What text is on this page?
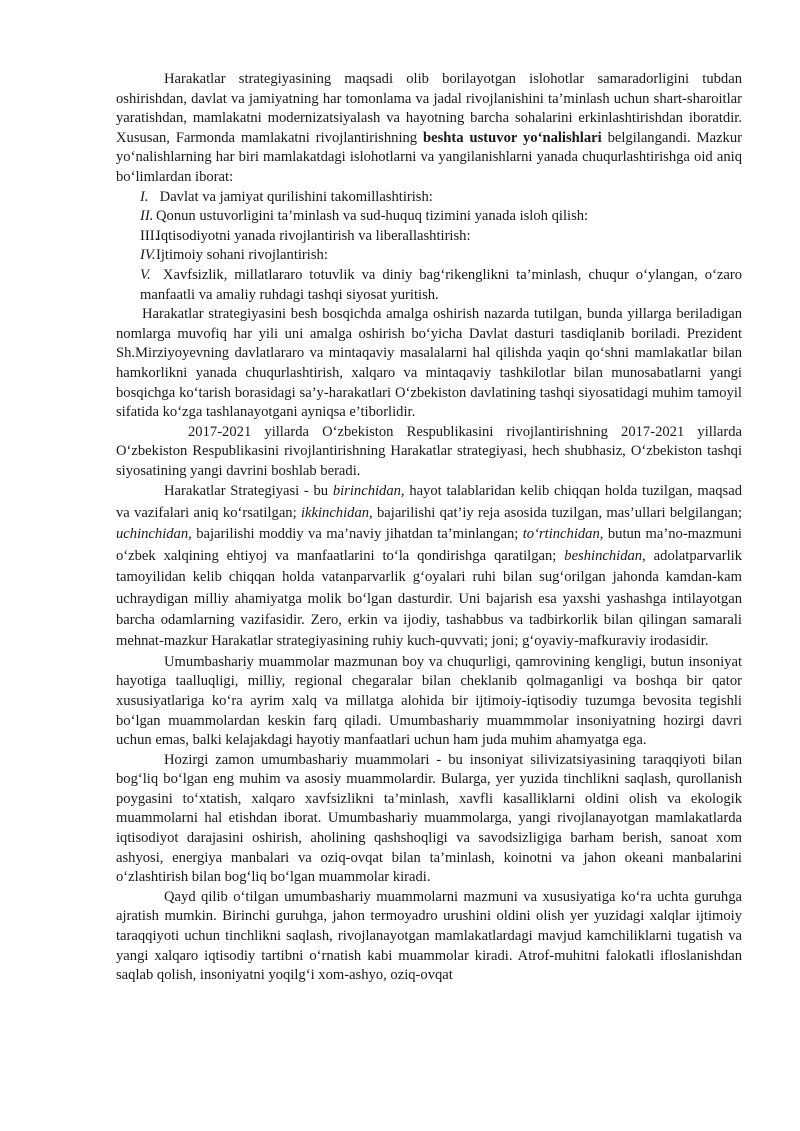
Harakatlar strategiyasining maqsadi olib borilayotgan islohotlar samaradorligini tubdan oshirishdan, davlat va jamiyatning har tomonlama va jadal rivojlanishini ta’minlash uchun shart-sharoitlar yaratishdan, mamlakatni modernizatsiyalash va hayotning barcha sohalarini erkinlashtirishdan iboratdir. Xususan, Farmonda mamlakatni rivojlantirishning beshta ustuvor yo‘nalishlari belgilangandi. Mazkur yo‘nalishlarning har biri mamlakatdagi islohotlarni va yangilanishlarni yanada chuqurlashtirishga oid aniq bo‘limlardan iborat:

I. Davlat va jamiyat qurilishini takomillashtirish:

II. Qonun ustuvorligini ta’minlash va sud-huquq tizimini yanada isloh qilish:

III.Iqtisodiyotni yanada rivojlantirish va liberallashtirish:

IV.Ijtimoiy sohani rivojlantirish:

V. Xavfsizlik, millatlararo totuvlik va diniy bag‘rikenglikni ta’minlash, chuqur o‘ylangan, o‘zaro manfaatli va amaliy ruhdagi tashqi siyosat yuritish.

Harakatlar strategiyasini besh bosqichda amalga oshirish nazarda tutilgan, bunda yillarga beriladigan nomlarga muvofiq har yili uni amalga oshirish bo‘yicha Davlat dasturi tasdiqlanib boriladi. Prezident Sh.Mirziyoyevning davlatlararo va mintaqaviy masalalarni hal qilishda yaqin qo‘shni mamlakatlar bilan hamkorlikni yanada chuqurlashtirish, xalqaro va mintaqaviy tashkilotlar bilan munosabatlarni yangi bosqichga ko‘tarish borasidagi sa’y-harakatlari O‘zbekiston davlatining tashqi siyosatidagi muhim tamoyil sifatida ko‘zga tashlanayotgani ayniqsa e’tiborlidir.

2017-2021 yillarda O‘zbekiston Respublikasini rivojlantirishning 2017-2021 yillarda O‘zbekiston Respublikasini rivojlantirishning Harakatlar strategiyasi, hech shubhasiz, O‘zbekiston tashqi siyosatining yangi davrini boshlab beradi.

Harakatlar Strategiyasi - bu birinchidan, hayot talablaridan kelib chiqqan holda tuzilgan, maqsad va vazifalari aniq ko‘rsatilgan; ikkinchidan, bajarilishi qat’iy reja asosida tuzilgan, mas’ullari belgilangan; uchinchidan, bajarilishi moddiy va ma’naviy jihatdan ta’minlangan; to‘rtinchidan, butun ma’no-mazmuni o‘zbek xalqining ehtiyoj va manfaatlarini to‘la qondirishga qaratilgan; beshinchidan, adolatparvarlik tamoyilidan kelib chiqqan holda vatanparvarlik g‘oyalari ruhi bilan sug‘orilgan jahonda kamdan-kam uchraydigan milliy ahamiyatga molik bo‘lgan dasturdir. Uni bajarish esa yaxshi yashashga intilayotgan barcha odamlarning vazifasidir. Zero, erkin va ijodiy, tashabbus va tadbirkorlik bilan qilingan samarali mehnat-mazkur Harakatlar strategiyasining ruhiy kuch-quvvati; joni; g‘oyaviy-mafkuraviy irodasidir.

Umumbashariy muammolar mazmunan boy va chuqurligi, qamrovining kengligi, butun insoniyat hayotiga taalluqligi, milliy, regional chegaralar bilan cheklanib qolmaganligi va boshqa bir qator xususiyatlariga ko‘ra ayrim xalq va millatga alohida bir ijtimoiy-iqtisodiy tuzumga bevosita tegishli bo‘lgan muammolardan keskin farq qiladi. Umumbashariy muammmolar insoniyatning hozirgi davri uchun emas, balki kelajakdagi hayotiy manfaatlari uchun ham juda muhim ahamyatga ega.

Hozirgi zamon umumbashariy muammolari - bu insoniyat silivizatsiyasining taraqqiyoti bilan bog‘liq bo‘lgan eng muhim va asosiy muammolardir. Bularga, yer yuzida tinchlikni saqlash, qurollanish poygasini to‘xtatish, xalqaro xavfsizlikni ta’minlash, xavfli kasalliklarni oldini olish va ekologik muammolarni hal etishdan iborat. Umumbashariy muammolarga, yangi rivojlanayotgan mamlakatlarda iqtisodiyot darajasini oshirish, aholining qashshoqligi va savodsizligiga barham berish, sanoat xom ashyosi, energiya manbalari va oziq-ovqat bilan ta’minlash, koinotni va jahon okeani manbalarini o‘zlashtirish bilan bog‘liq bo‘lgan muammolar kiradi.

Qayd qilib o‘tilgan umumbashariy muammolarni mazmuni va xususiyatiga ko‘ra uchta guruhga ajratish mumkin. Birinchi guruhga, jahon termoyadro urushini oldini olish yer yuzidagi xalqlar ijtimoiy taraqqiyoti uchun tinchlikni saqlash, rivojlanayotgan mamlakatlardagi mavjud kamchiliklarni tugatish va yangi xalqaro iqtisodiy tartibni o‘rnatish kabi muammolar kiradi. Atrof-muhitni falokatli ifloslanishdan saqlab qolish, insoniyatni yoqilg‘i xom-ashyo, oziq-ovqat
